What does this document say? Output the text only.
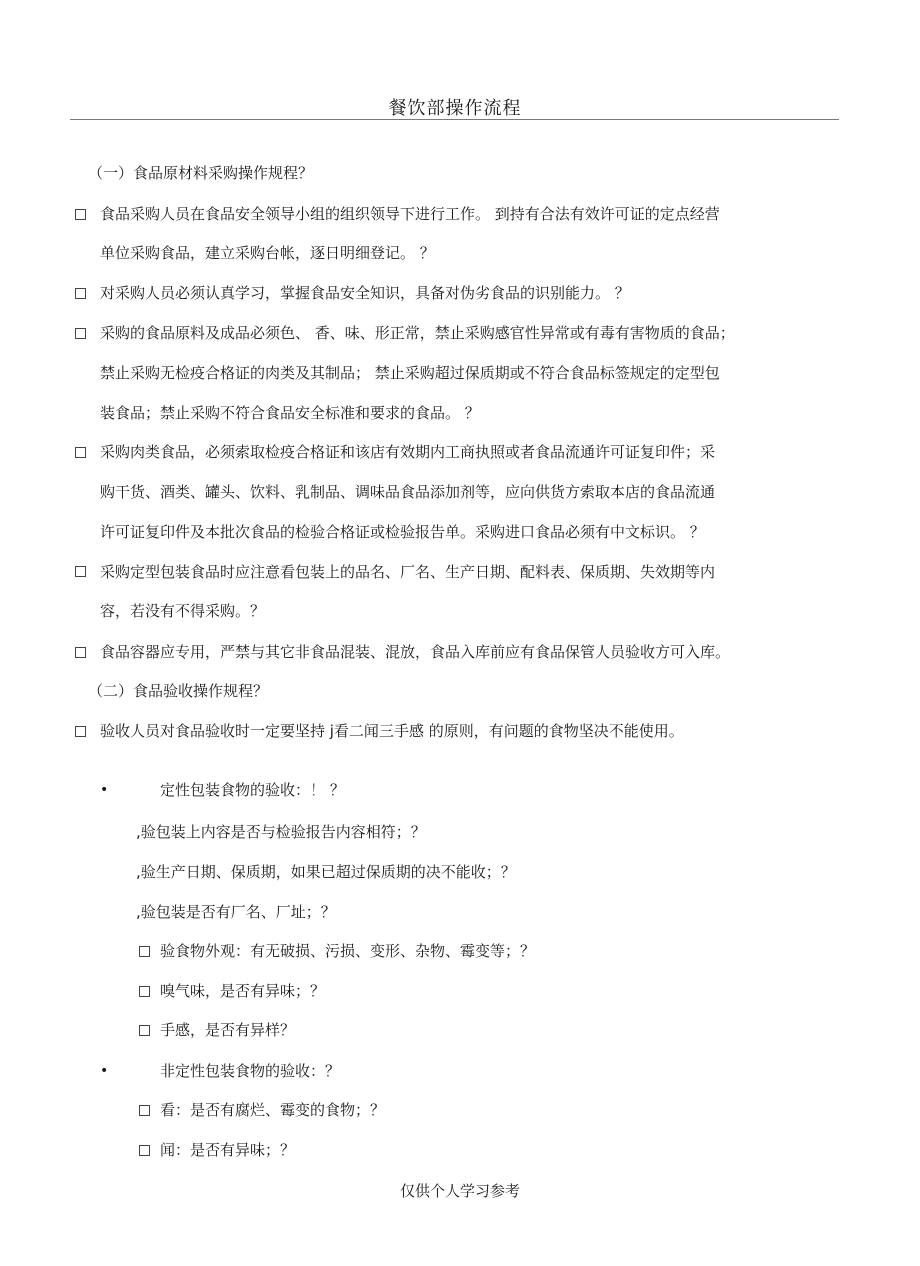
餐饮部操作流程
（一）食品原材料采购操作规程？
食品采购人员在食品安全领导小组的组织领导下进行工作。 到持有合法有效许可证的定点经营
单位采购食品，建立采购台帐，逐日明细登记。 ？
对采购人员必须认真学习，掌握食品安全知识，具备对伪劣食品的识别能力。 ？
采购的食品原料及成品必须色、 香、味、形正常，禁止采购感官性异常或有毒有害物质的食品；
禁止采购无检疫合格证的肉类及其制品； 禁止采购超过保质期或不符合食品标签规定的定型包
装食品；禁止采购不符合食品安全标准和要求的食品。 ？
采购肉类食品，必须索取检疫合格证和该店有效期内工商执照或者食品流通许可证复印件；采
购干货、酒类、罐头、饮料、乳制品、调味品食品添加剂等，应向供货方索取本店的食品流通
许可证复印件及本批次食品的检验合格证或检验报告单。采购进口食品必须有中文标识。 ？
采购定型包装食品时应注意看包装上的品名、厂名、生产日期、配料表、保质期、失效期等内
容，若没有不得采购。？
食品容器应专用，严禁与其它非食品混装、混放，食品入库前应有食品保管人员验收方可入库。
（二）食品验收操作规程？
验收人员对食品验收时一定要坚持 j看二闻三手感 的原则，有问题的食物坚决不能使用。
•	定性包装食物的验收：！ ？
,验包装上内容是否与检验报告内容相符；？
,验生产日期、保质期，如果已超过保质期的决不能收；？
,验包装是否有厂名、厂址；？
验食物外观：有无破损、污损、变形、杂物、霉变等；？
嗅气味，是否有异味；？
手感，是否有异样？
•	非定性包装食物的验收：？
看：是否有腐烂、霉变的食物；？
闻：是否有异味；？
仅供个人学习参考
